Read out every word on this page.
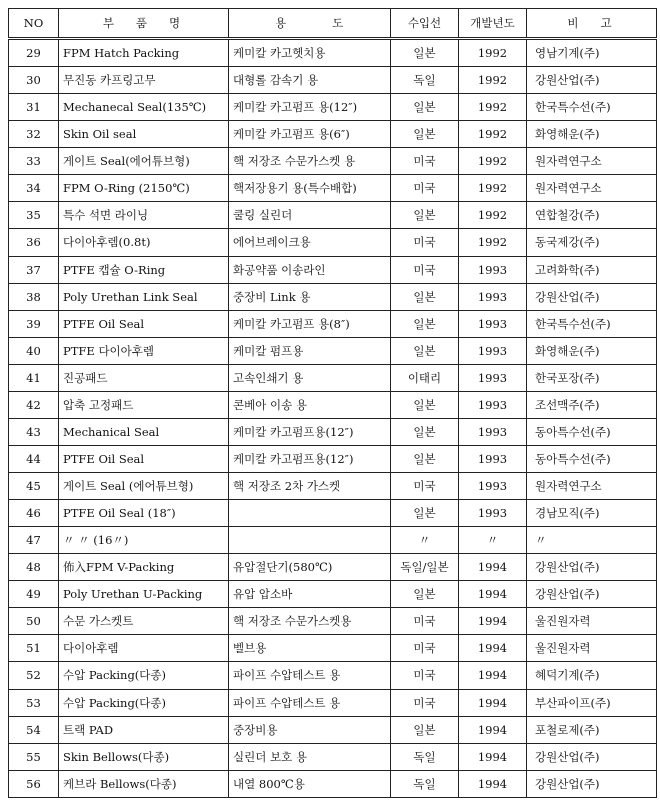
NO	부품명	용도	수입선	개발년도	비고
29	FPM Hatch Packing	케미칼 카고헷치용	일본	1992	영남기계(주)
30	무진동 카프링고무	대형롤 감속기 용	독일	1992	강원산업(주)
31	Mechanecal Seal(135℃)	케미칼 카고펌프 용(12″)	일본	1992	한국특수선(주)
32	Skin Oil seal	케미칼 카고펌프 용(6″)	일본	1992	화영해운(주)
33	게이트 Seal(에어튜브형)	핵 저장조 수문가스켓 용	미국	1992	원자력연구소
34	FPM O-Ring (2150℃)	핵저장용기 용(특수배합)	미국	1992	원자력연구소
35	특수 석면 라이닝	쿨링 실린더	일본	1992	연합철강(주)
36	다이아후렘(0.8t)	에어브레이크용	미국	1992	동국제강(주)
37	PTFE 캡슐 O-Ring	화공약품 이송라인	미국	1993	고려화학(주)
38	Poly Urethan Link Seal	중장비 Link 용	일본	1993	강원산업(주)
39	PTFE Oil Seal	케미칼 카고펌프 용(8″)	일본	1993	한국특수선(주)
40	PTFE 다이아후렘	케미칼 펌프용	일본	1993	화영해운(주)
41	진공패드	고속인쇄기 용	이태리	1993	한국포장(주)
42	압축 고정패드	콘베아 이송 용	일본	1993	조선맥주(주)
43	Mechanical Seal	케미칼 카고펌프용(12″)	일본	1993	동아특수선(주)
44	PTFE Oil Seal	케미칼 카고펌프용(12″)	일본	1993	동아특수선(주)
45	게이트 Seal (에어튜브형)	핵 저장조 2차 가스켓	미국	1993	원자력연구소
46	PTFE Oil Seal (18″)		일본	1993	경남모직(주)
47	〃 〃 (16〃)		〃	〃	〃
48	佈入FPM V-Packing	유압절단기(580℃)	독일/일본	1994	강원산업(주)
49	Poly Urethan U-Packing	유압 압소바	일본	1994	강원산업(주)
50	수문 가스켓트	핵 저장조 수문가스켓용	미국	1994	울진원자력
51	다이아후렘	벨브용	미국	1994	울진원자력
52	수압 Packing(다종)	파이프 수압테스트 용	미국	1994	혜덕기계(주)
53	수압 Packing(다종)	파이프 수압테스트 용	미국	1994	부산파이프(주)
54	트랙 PAD	중장비용	일본	1994	포철로제(주)
55	Skin Bellows(다종)	실린더 보호 용	독일	1994	강원산업(주)
56	케브라 Bellows(다종)	내열 800℃용	독일	1994	강원산업(주)
